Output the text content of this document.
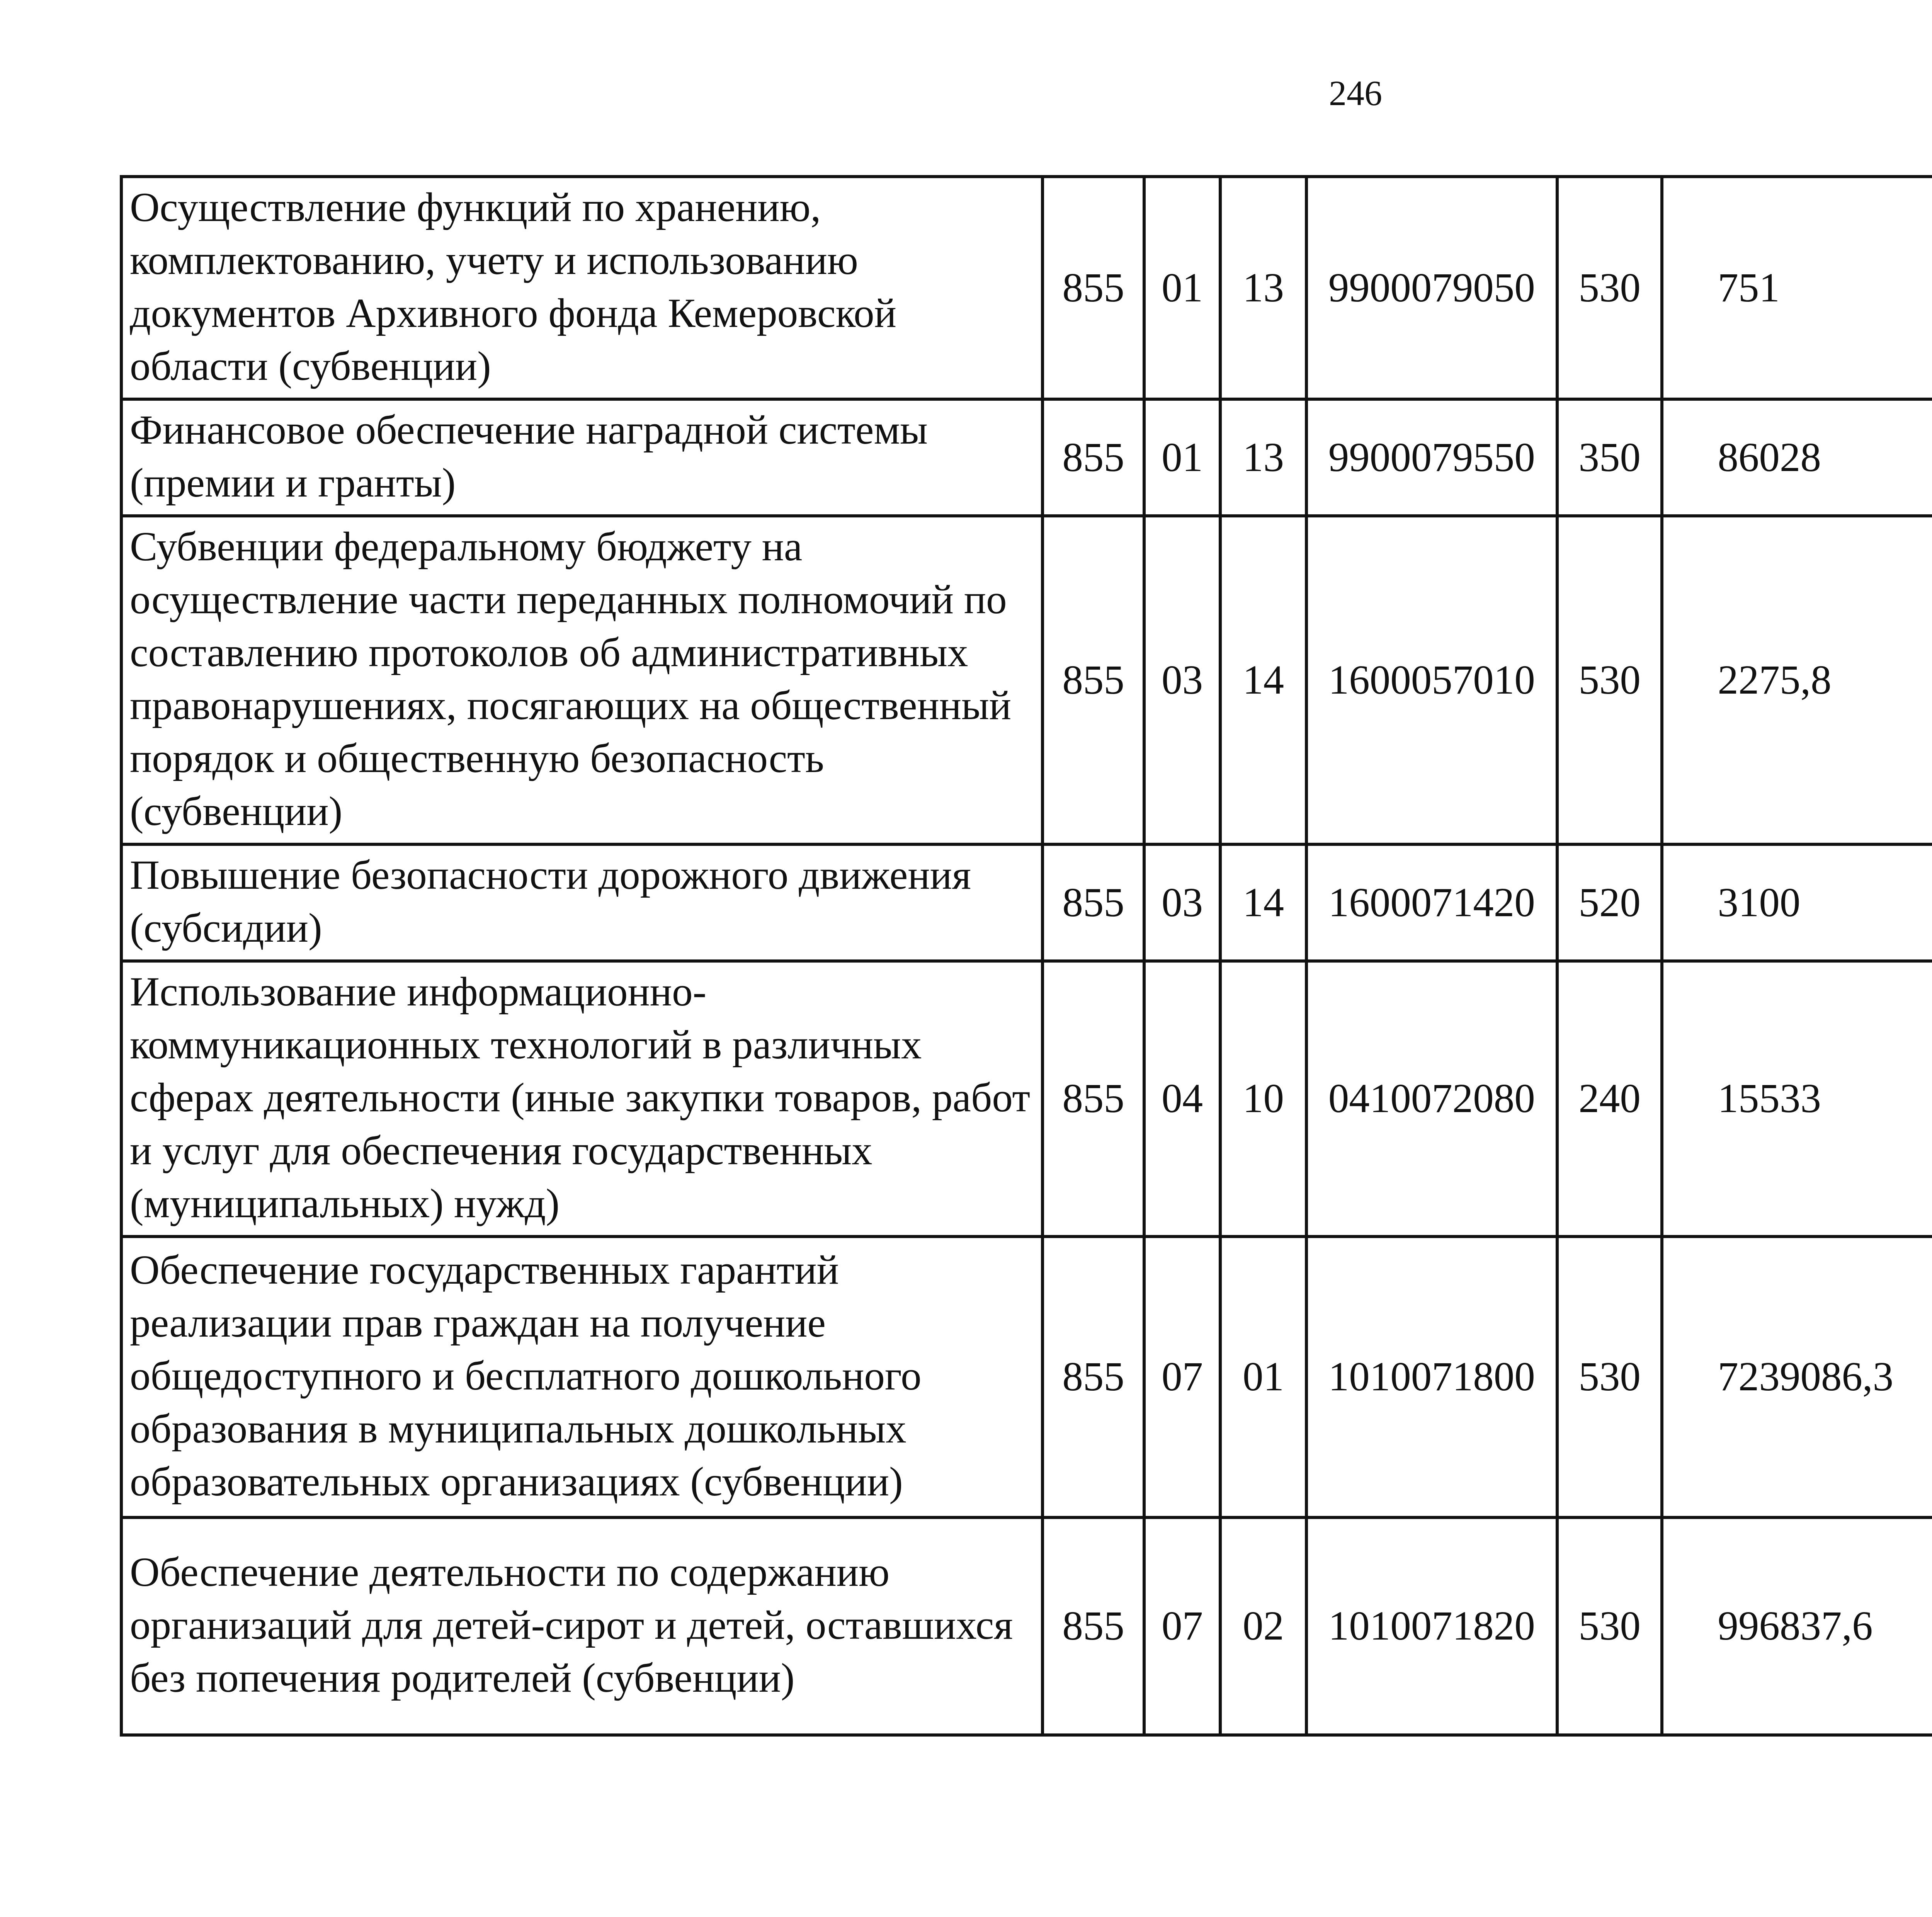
246
Осуществление функций по хранению, комплектованию, учету и использованию документов Архивного фонда Кемеровской области (субвенции)	855	01	13	9900079050	530	751		
Финансовое обеспечение наградной системы (премии и гранты)	855	01	13	9900079550	350	86028		
Субвенции федеральному бюджету на осуществление части переданных полномочий по составлению протоколов об административных правонарушениях, посягающих на общественный порядок и общественную безопасность (субвенции)	855	03	14	1600057010	530	2275,8		
Повышение безопасности дорожного движения (субсидии)	855	03	14	1600071420	520	3100		
Использование информационно-коммуникационных технологий в различных сферах деятельности (иные закупки товаров, работ и услуг для обеспечения государственных (муниципальных) нужд)	855	04	10	0410072080	240	15533		
Обеспечение государственных гарантий реализации прав граждан на получение общедоступного и бесплатного дошкольного образования в муниципальных дошкольных образовательных организациях (субвенции)	855	07	01	1010071800	530	7239086,3		
Обеспечение деятельности по содержанию организаций для детей-сирот и детей, оставшихся без попечения родителей (субвенции)	855	07	02	1010071820	530	996837,6		
